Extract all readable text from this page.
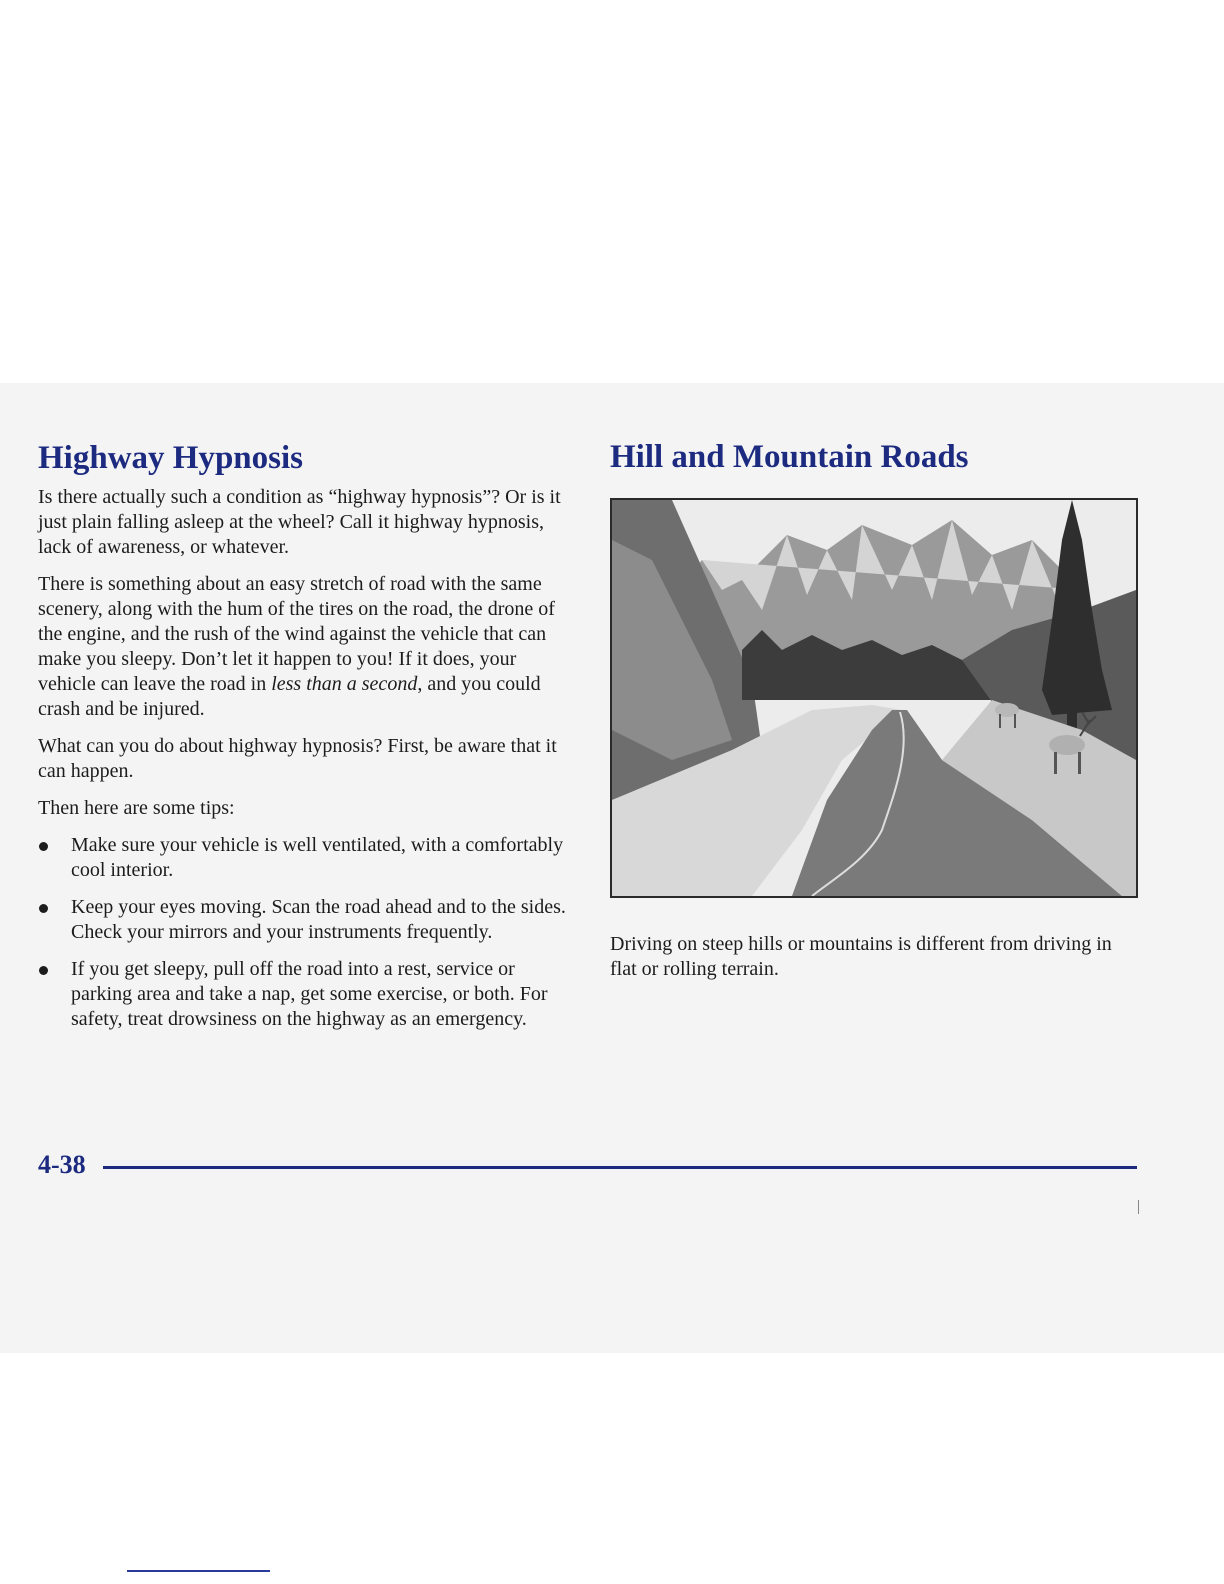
Highway Hypnosis

Is there actually such a condition as “highway hypnosis”? Or is it just plain falling asleep at the wheel? Call it highway hypnosis, lack of awareness, or whatever.

There is something about an easy stretch of road with the same scenery, along with the hum of the tires on the road, the drone of the engine, and the rush of the wind against the vehicle that can make you sleepy. Don’t let it happen to you! If it does, your vehicle can leave the road in less than a second, and you could crash and be injured.

What can you do about highway hypnosis? First, be aware that it can happen.

Then here are some tips:

Make sure your vehicle is well ventilated, with a comfortably cool interior.
Keep your eyes moving. Scan the road ahead and to the sides. Check your mirrors and your instruments frequently.
If you get sleepy, pull off the road into a rest, service or parking area and take a nap, get some exercise, or both. For safety, treat drowsiness on the highway as an emergency.
Hill and Mountain Roads

Driving on steep hills or mountains is different from driving in flat or rolling terrain.

4-38
